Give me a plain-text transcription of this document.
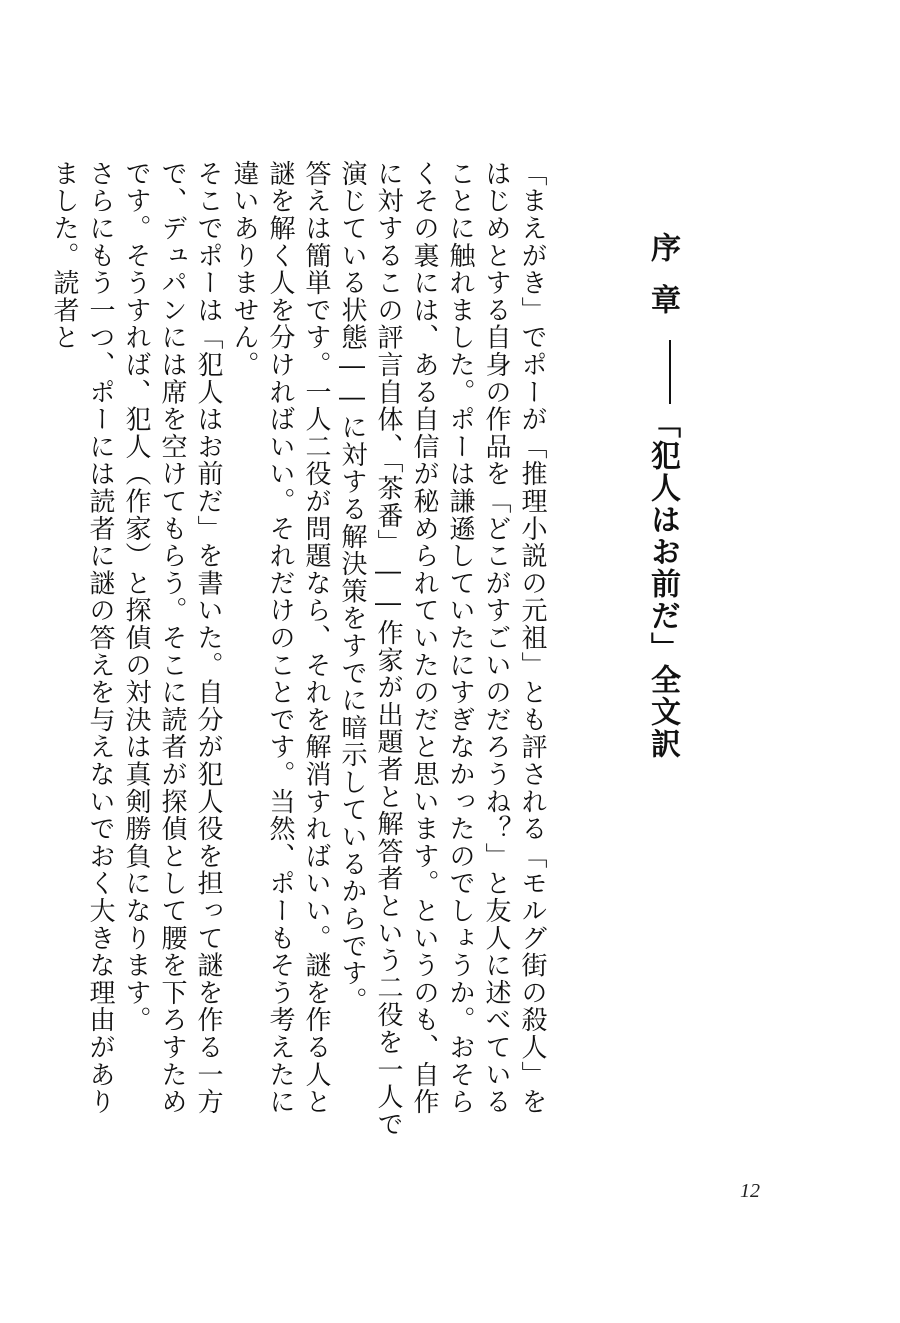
序章「犯人はお前だ」全文訳

「まえがき」でポーが「推理小説の元祖」とも評される「モルグ街の殺人」をはじめとする自身の作品を「どこがすごいのだろうね？」と友人に述べていることに触れました。ポーは謙遜していたにすぎなかったのでしょうか。おそらくその裏には、ある自信が秘められていたのだと思います。というのも、自作に対するこの評言自体、「茶番」――作家が出題者と解答者という二役を一人で演じている状態――に対する解決策をすでに暗示しているからです。

答えは簡単です。一人二役が問題なら、それを解消すればいい。謎を作る人と謎を解く人を分ければいい。それだけのことです。当然、ポーもそう考えたに違いありません。

そこでポーは「犯人はお前だ」を書いた。自分が犯人役を担って謎を作る一方で、デュパンには席を空けてもらう。そこに読者が探偵として腰を下ろすためです。そうすれば、犯人（作家）と探偵の対決は真剣勝負になります。

さらにもう一つ、ポーには読者に謎の答えを与えないでおく大きな理由がありました。読者と

12
